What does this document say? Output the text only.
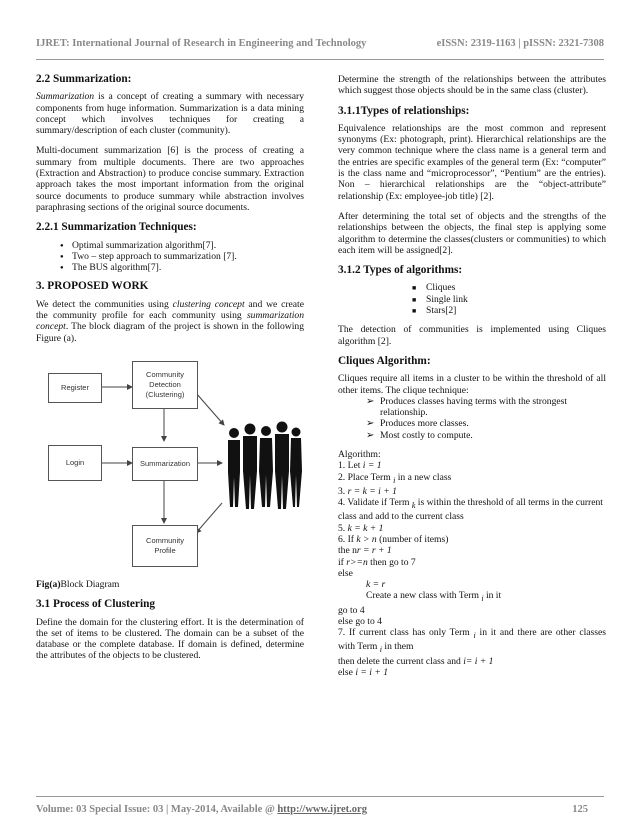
IJRET: International Journal of Research in Engineering and Technology	eISSN: 2319-1163 | pISSN: 2321-7308
2.2 Summarization:

Summarization is a concept of creating a summary with necessary components from huge information. Summarization is a data mining concept which involves techniques for creating a summary/description of each cluster (community).

Multi-document summarization [6] is the process of creating a summary from multiple documents. There are two approaches (Extraction and Abstraction) to produce concise summary. Extraction approach takes the most important information from the original source documents to produce summary while abstraction involves paraphrasing sections of the original source documents.

2.2.1 Summarization Techniques:
● Optimal summarization algorithm[7].
● Two – step approach to summarization [7].
● The BUS algorithm[7].
3. PROPOSED WORK

We detect the communities using clustering concept and we create the community profile for each community using summarization concept. The block diagram of the project is shown in the following Figure (a).

Register
Community
Detection
(Clustering)
Login	Summarization
Community
Profile

Fig(a)Block Diagram

3.1 Process of Clustering

Define the domain for the clustering effort. It is the determination of the set of items to be clustered. The domain can be a subset of the database or the complete database. If domain is defined, determine the attributes of the objects to be clustered.

Determine the strength of the relationships between the attributes which suggest those objects should be in the same class (cluster).

3.1.1Types of relationships:

Equivalence relationships are the most common and represent synonyms (Ex: photograph, print). Hierarchical relationships are the very common technique where the class name is a general term and the entries are specific examples of the general term (Ex: “computer” is the class name and “microprocessor”, “Pentium” are the entries). Non – hierarchical relationships are the “object-attribute” relationship (Ex: employee-job title) [2].

After determining the total set of objects and the strengths of the relationships between the objects, the final step is applying some algorithm to determine the classes(clusters or communities) to which each item will be assigned[2].

3.1.2 Types of algorithms:
■ Cliques
■ Single link
■ Stars[2]

The detection of communities is implemented using Cliques algorithm [2].

Cliques Algorithm:

Cliques require all items in a cluster to be within the threshold of all other items. The clique technique:

➢ Produces classes having terms with the strongest relationship.
➢ Produces more classes.
➢ Most costly to compute.
Algorithm:
1. Let i = 1
2. Place Term $_i$ in a new class
3. r = k = i + 1
4. Validate if Term $_k$ is within the threshold of all terms in the current class and add to the current class
5. k = k + 1
6. If k > n (number of items)
the nr = r + 1
if r>=n then go to 7
else
k = r
Create a new class with Term $_i$ in it
go to 4
else go to 4
7. If current class has only Term $_i$ in it and there are other classes with Term $_i$ in them
then delete the current class and i= i + 1
else i = i + 1
Volume: 03 Special Issue: 03 | May-2014, Available @ http://www.ijret.org	125
